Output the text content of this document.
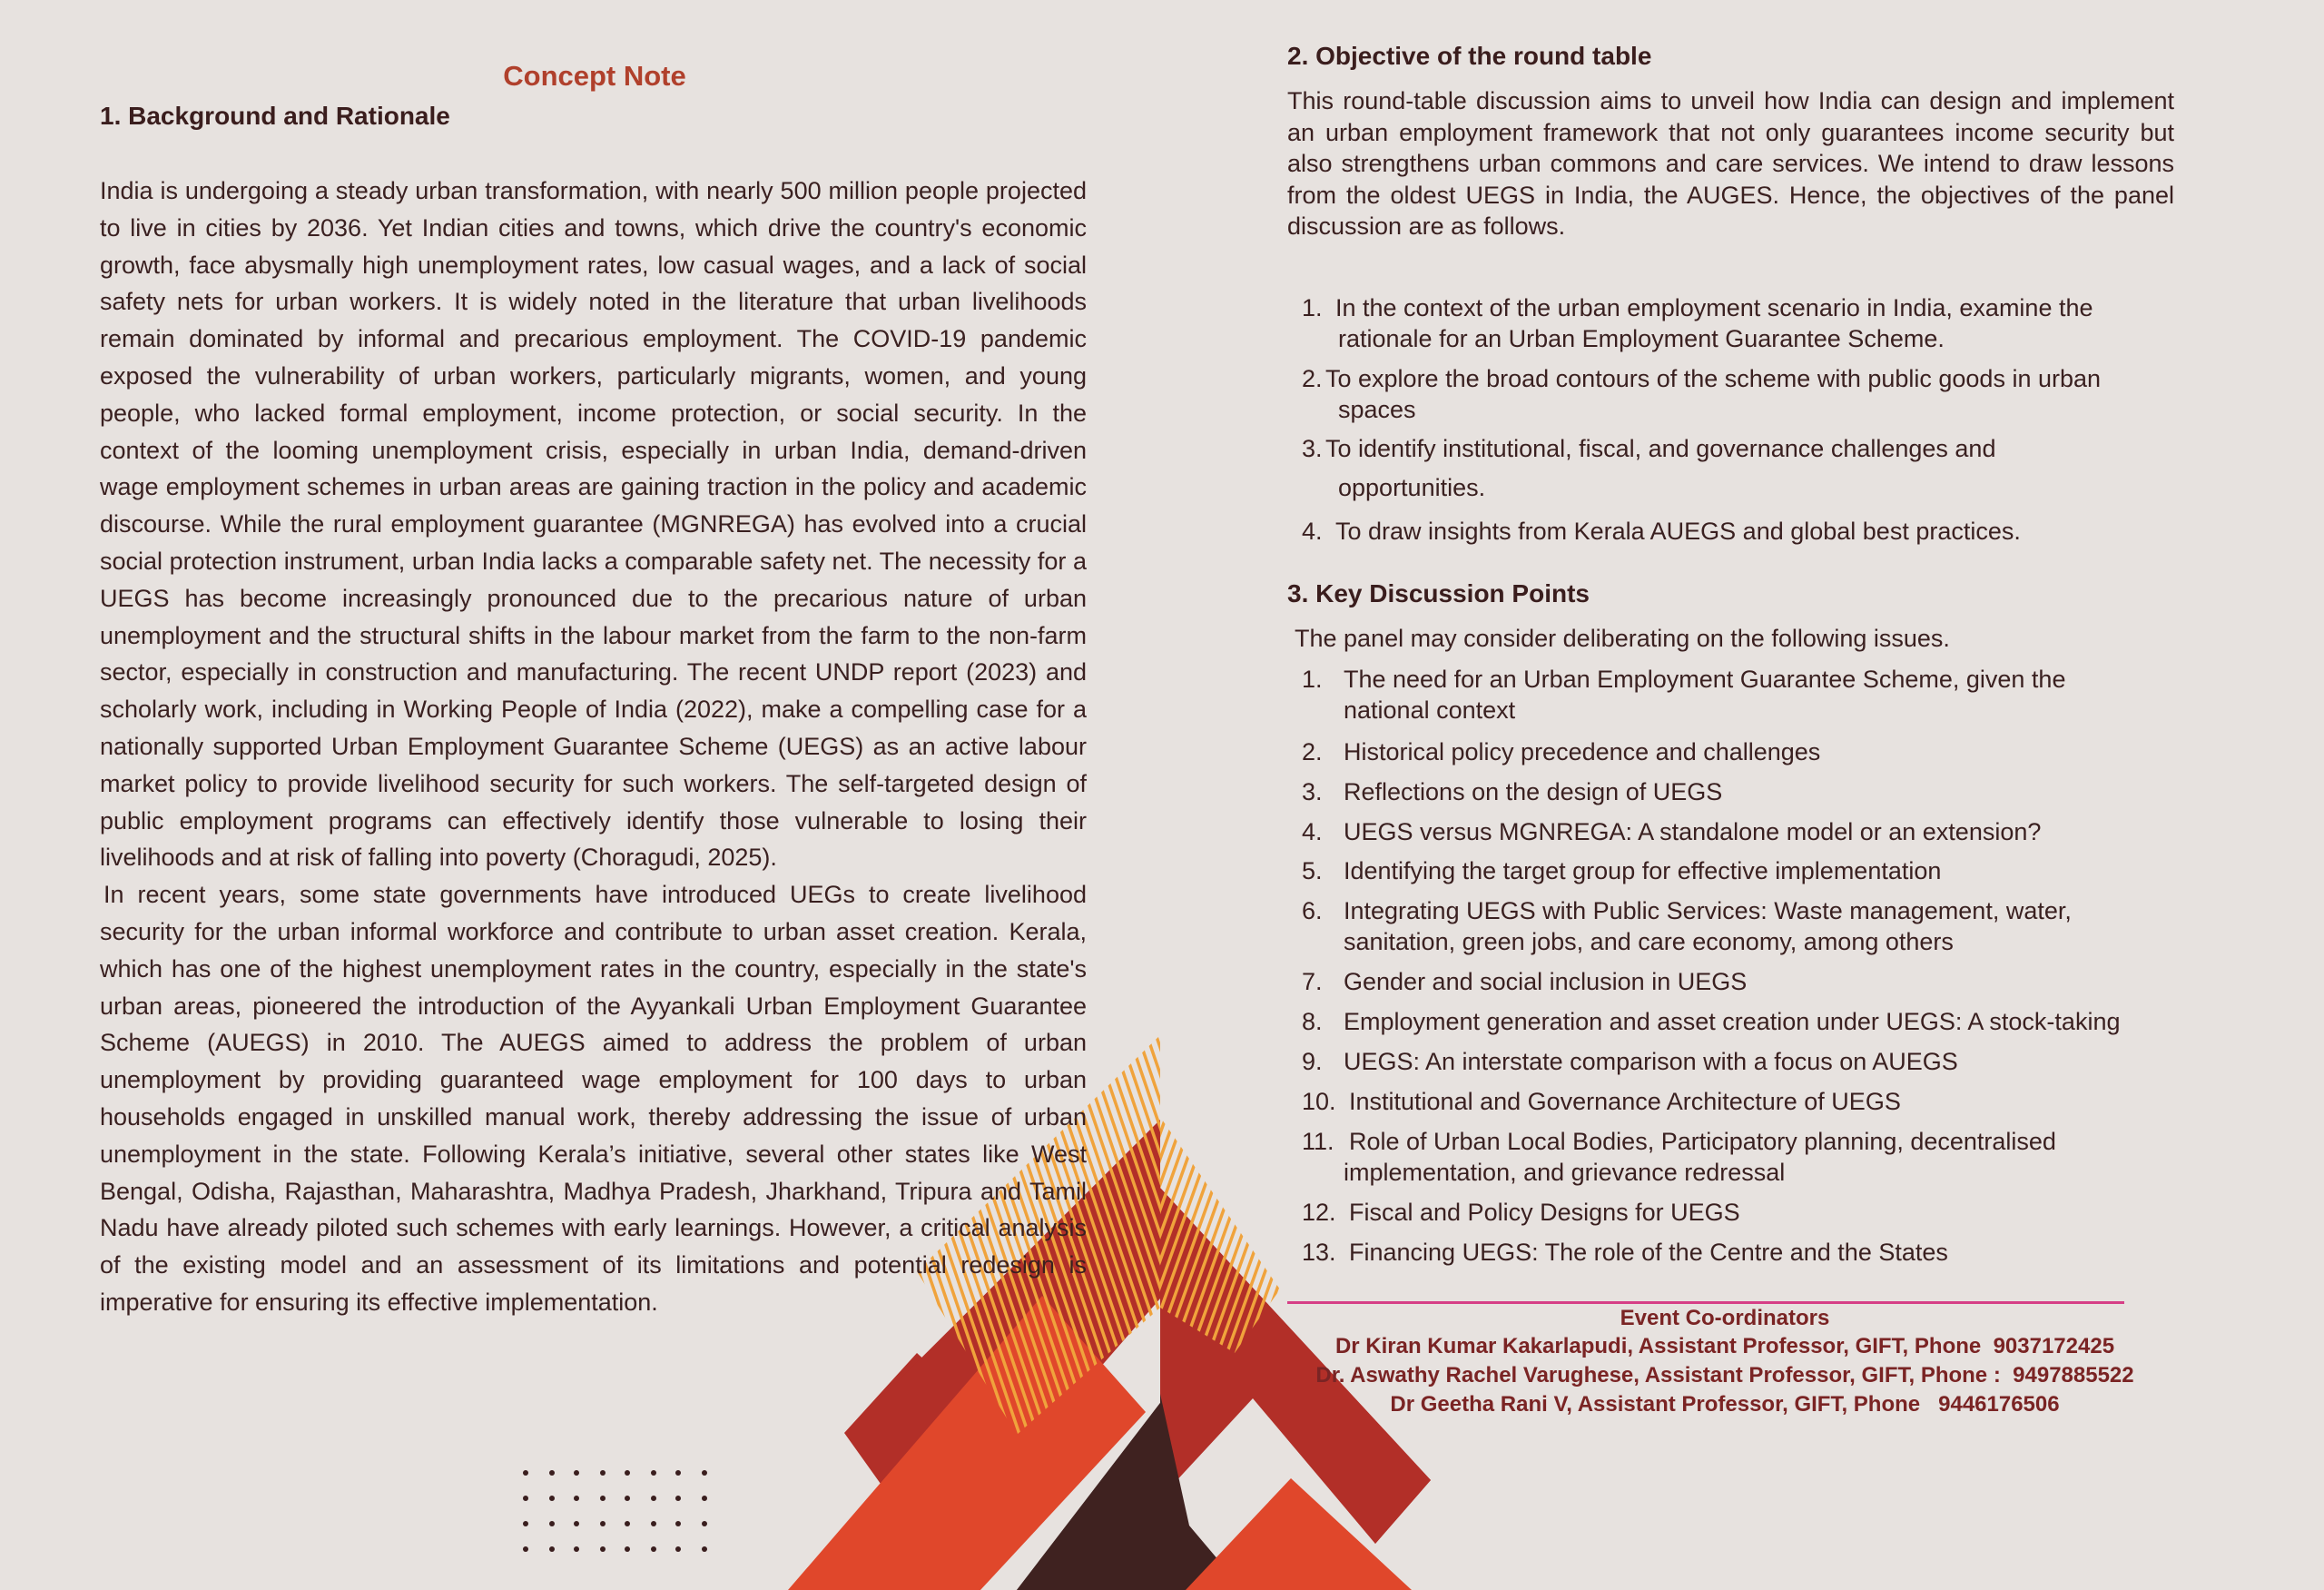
Concept Note
1. Background and Rationale

India is undergoing a steady urban transformation, with nearly 500 million people projected to live in cities by 2036. Yet Indian cities and towns, which drive the country's economic growth, face abysmally high unemployment rates, low casual wages, and a lack of social safety nets for urban workers. It is widely noted in the literature that urban livelihoods remain dominated by informal and precarious employment. The COVID-19 pandemic exposed the vulnerability of urban workers, particularly migrants, women, and young people, who lacked formal employment, income protection, or social security. In the context of the looming unemployment crisis, especially in urban India, demand-driven wage employment schemes in urban areas are gaining traction in the policy and academic discourse. While the rural employment guarantee (MGNREGA) has evolved into a crucial social protection instrument, urban India lacks a comparable safety net. The necessity for a UEGS has become increasingly pronounced due to the precarious nature of urban unemployment and the structural shifts in the labour market from the farm to the non-farm sector, especially in construction and manufacturing. The recent UNDP report (2023) and scholarly work, including in Working People of India (2022), make a compelling case for a nationally supported Urban Employment Guarantee Scheme (UEGS) as an active labour market policy to provide livelihood security for such workers. The self-targeted design of public employment programs can effectively identify those vulnerable to losing their livelihoods and at risk of falling into poverty (Choragudi, 2025).

In recent years, some state governments have introduced UEGs to create livelihood security for the urban informal workforce and contribute to urban asset creation. Kerala, which has one of the highest unemployment rates in the country, especially in the state's urban areas, pioneered the introduction of the Ayyankali Urban Employment Guarantee Scheme (AUEGS) in 2010. The AUEGS aimed to address the problem of urban unemployment by providing guaranteed wage employment for 100 days to urban households engaged in unskilled manual work, thereby addressing the issue of urban unemployment in the state. Following Kerala’s initiative, several other states like West Bengal, Odisha, Rajasthan, Maharashtra, Madhya Pradesh, Jharkhand, Tripura and Tamil Nadu have already piloted such schemes with early learnings. However, a critical analysis of the existing model and an assessment of its limitations and potential redesign is imperative for ensuring its effective implementation.

2. Objective of the round table
This round-table discussion aims to unveil how India can design and implement an urban employment framework that not only guarantees income security but also strengthens urban commons and care services. We intend to draw lessons from the oldest UEGS in India, the AUGES. Hence, the objectives of the panel discussion are as follows.
1. In the context of the urban employment scenario in India, examine the
rationale for an Urban Employment Guarantee Scheme.
2. To explore the broad contours of the scheme with public goods in urban
spaces
3. To identify institutional, fiscal, and governance challenges and
opportunities.
4. To draw insights from Kerala AUEGS and global best practices.
3. Key Discussion Points
The panel may consider deliberating on the following issues.
1. The need for an Urban Employment Guarantee Scheme, given the
national context
2. Historical policy precedence and challenges
3. Reflections on the design of UEGS
4. UEGS versus MGNREGA: A standalone model or an extension?
5. Identifying the target group for effective implementation
6. Integrating UEGS with Public Services: Waste management, water,
sanitation, green jobs, and care economy, among others
7. Gender and social inclusion in UEGS
8. Employment generation and asset creation under UEGS: A stock-taking
9. UEGS: An interstate comparison with a focus on AUEGS
10. Institutional and Governance Architecture of UEGS
11. Role of Urban Local Bodies, Participatory planning, decentralised
implementation, and grievance redressal
12. Fiscal and Policy Designs for UEGS
13. Financing UEGS: The role of the Centre and the States
Event Co-ordinators
Dr Kiran Kumar Kakarlapudi, Assistant Professor, GIFT, Phone  9037172425
Dr. Aswathy Rachel Varughese, Assistant Professor, GIFT, Phone :  9497885522
Dr Geetha Rani V, Assistant Professor, GIFT, Phone   9446176506
